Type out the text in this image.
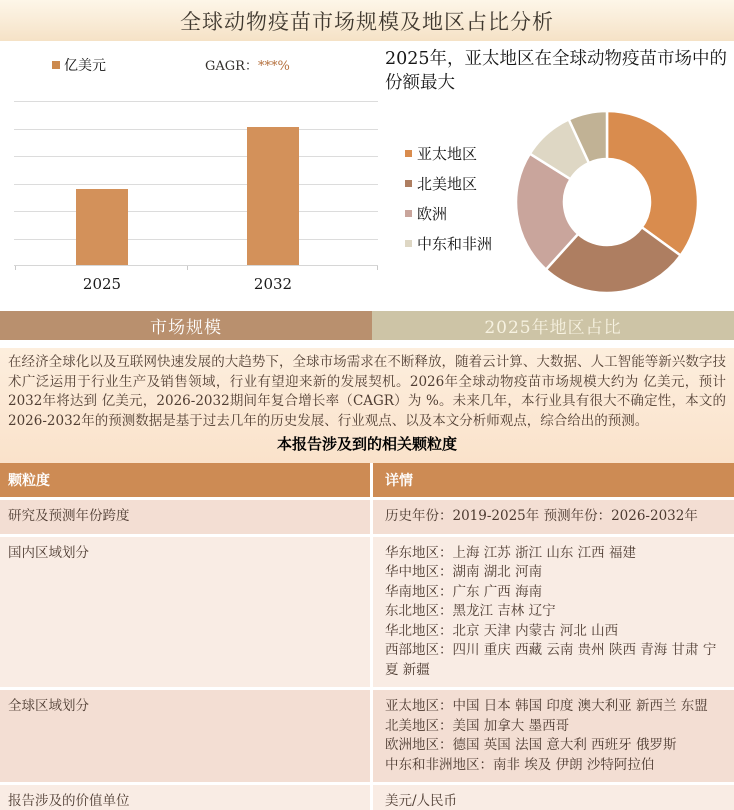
全球动物疫苗市场规模及地区占比分析
亿美元	GAGR：***%
2025	2032
2025年，亚太地区在全球动物疫苗市场中的份额最大
亚太地区
北美地区
欧洲
中东和非洲
市场规模	2025年地区占比
在经济全球化以及互联网快速发展的大趋势下，全球市场需求在不断释放，随着云计算、大数据、人工智能等新兴数字技术广泛运用于行业生产及销售领域，行业有望迎来新的发展契机。2026年全球动物疫苗市场规模大约为 亿美元，预计2032年将达到 亿美元，2026-2032期间年复合增长率（CAGR）为 %。未来几年，本行业具有很大不确定性，本文的2026-2032年的预测数据是基于过去几年的历史发展、行业观点、以及本文分析师观点，综合给出的预测。
本报告涉及到的相关颗粒度
颗粒度	详情
研究及预测年份跨度	历史年份：2019-2025年 预测年份：2026-2032年
国内区域划分	华东地区：上海 江苏 浙江 山东 江西 福建
华中地区：湖南 湖北 河南
华南地区：广东 广西 海南
东北地区：黑龙江 吉林 辽宁
华北地区：北京 天津 内蒙古 河北 山西
西部地区：四川 重庆 西藏 云南 贵州 陕西 青海 甘肃 宁夏 新疆
全球区域划分	亚太地区：中国 日本 韩国 印度 澳大利亚 新西兰 东盟
北美地区：美国 加拿大 墨西哥
欧洲地区：德国 英国 法国 意大利 西班牙 俄罗斯
中东和非洲地区：南非 埃及 伊朗 沙特阿拉伯
报告涉及的价值单位	美元/人民币
